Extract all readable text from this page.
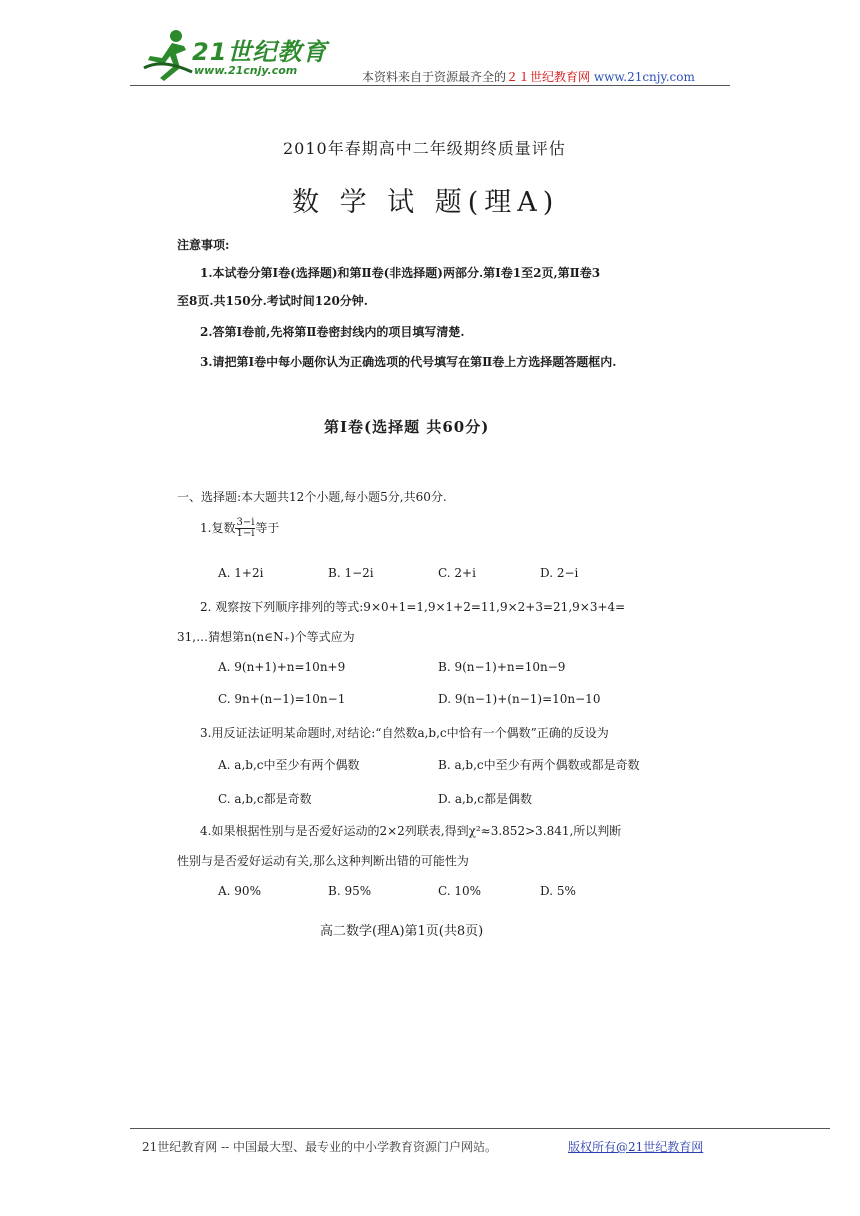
21世纪教育
www.21cnjy.com	本资料来自于资源最齐全的２１世纪教育网 www.21cnjy.com
2010年春期高中二年级期终质量评估
数 学 试 题(理A)
注意事项:
1.本试卷分第Ⅰ卷(选择题)和第Ⅱ卷(非选择题)两部分.第Ⅰ卷1至2页,第Ⅱ卷3
至8页.共150分.考试时间120分钟.
2.答第Ⅰ卷前,先将第Ⅱ卷密封线内的项目填写清楚.
3.请把第Ⅰ卷中每小题你认为正确选项的代号填写在第Ⅱ卷上方选择题答题框内.
第Ⅰ卷(选择题 共60分)
一、选择题:本大题共12个小题,每小题5分,共60分.
1.复数 $\frac{3-i}{1-i}$ 等于
A. 1+2i	B. 1−2i	C. 2+i	D. 2−i
2. 观察按下列顺序排列的等式:9×0+1=1,9×1+2=11,9×2+3=21,9×3+4=
31,…猜想第n(n∈N₊)个等式应为
A. 9(n+1)+n=10n+9	B. 9(n−1)+n=10n−9
C. 9n+(n−1)=10n−1	D. 9(n−1)+(n−1)=10n−10
3.用反证法证明某命题时,对结论:“自然数a,b,c中恰有一个偶数”正确的反设为
A. a,b,c中至少有两个偶数	B. a,b,c中至少有两个偶数或都是奇数
C. a,b,c都是奇数	D. a,b,c都是偶数
4.如果根据性别与是否爱好运动的2×2列联表,得到χ²≈3.852>3.841,所以判断
性别与是否爱好运动有关,那么这种判断出错的可能性为
A. 90%	B. 95%	C. 10%	D. 5%
高二数学(理A)第1页(共8页)
21世纪教育网 -- 中国最大型、最专业的中小学教育资源门户网站。	版权所有@21世纪教育网
